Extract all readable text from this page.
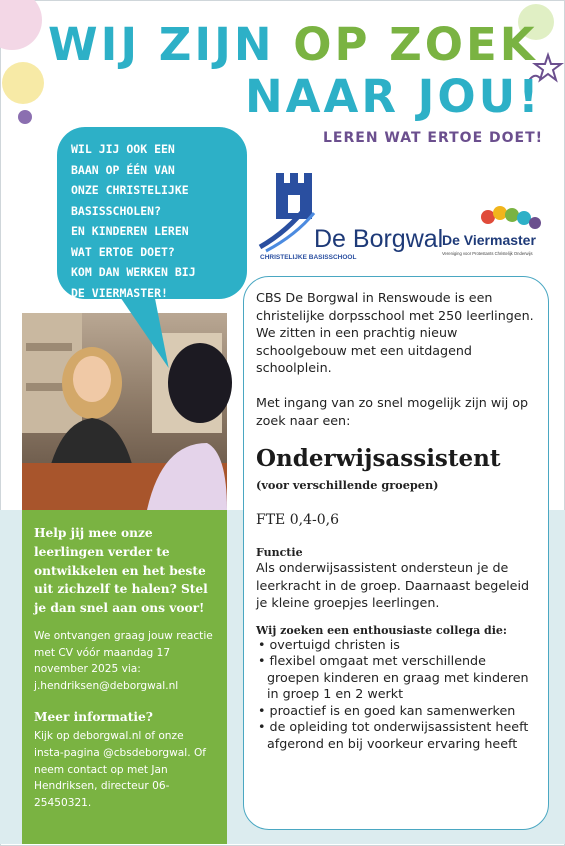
WIJ ZIJN OP ZOEK
NAAR JOU!
LEREN WAT ERTOE DOET!
De Borgwal
CHRISTELIJKE BASISSCHOOL
De Viermaster
Vereniging voor Protestants Christelijk Onderwijs
WIL JIJ OOK EEN
BAAN OP ÉÉN VAN
ONZE CHRISTELIJKE
BASISSCHOLEN?
EN KINDEREN LEREN
WAT ERTOE DOET?
KOM DAN WERKEN BIJ
DE VIERMASTER!

Help jij mee onze leerlingen verder te ontwikkelen en het beste uit zichzelf te halen? Stel je dan snel aan ons voor!

We ontvangen graag jouw reactie met CV vóór maandag 17 november 2025 via: j.hendriksen@deborgwal.nl

Meer informatie?

Kijk op deborgwal.nl of onze insta-pagina @cbsdeborgwal. Of neem contact op met Jan Hendriksen, directeur 06-25450321.

CBS De Borgwal in Renswoude is een christelijke dorpsschool met 250 leerlingen. We zitten in een prachtig nieuw schoolgebouw met een uitdagend schoolplein.

Met ingang van zo snel mogelijk zijn wij op zoek naar een:

Onderwijsassistent

(voor verschillende groepen)

FTE 0,4-0,6

Functie

Als onderwijsassistent ondersteun je de leerkracht in de groep. Daarnaast begeleid je kleine groepjes leerlingen.

Wij zoeken een enthousiaste collega die:

• overtuigd christen is
• flexibel omgaat met verschillende groepen kinderen en graag met kinderen in groep 1 en 2 werkt
• proactief is en goed kan samenwerken
• de opleiding tot onderwijsassistent heeft afgerond en bij voorkeur ervaring heeft
